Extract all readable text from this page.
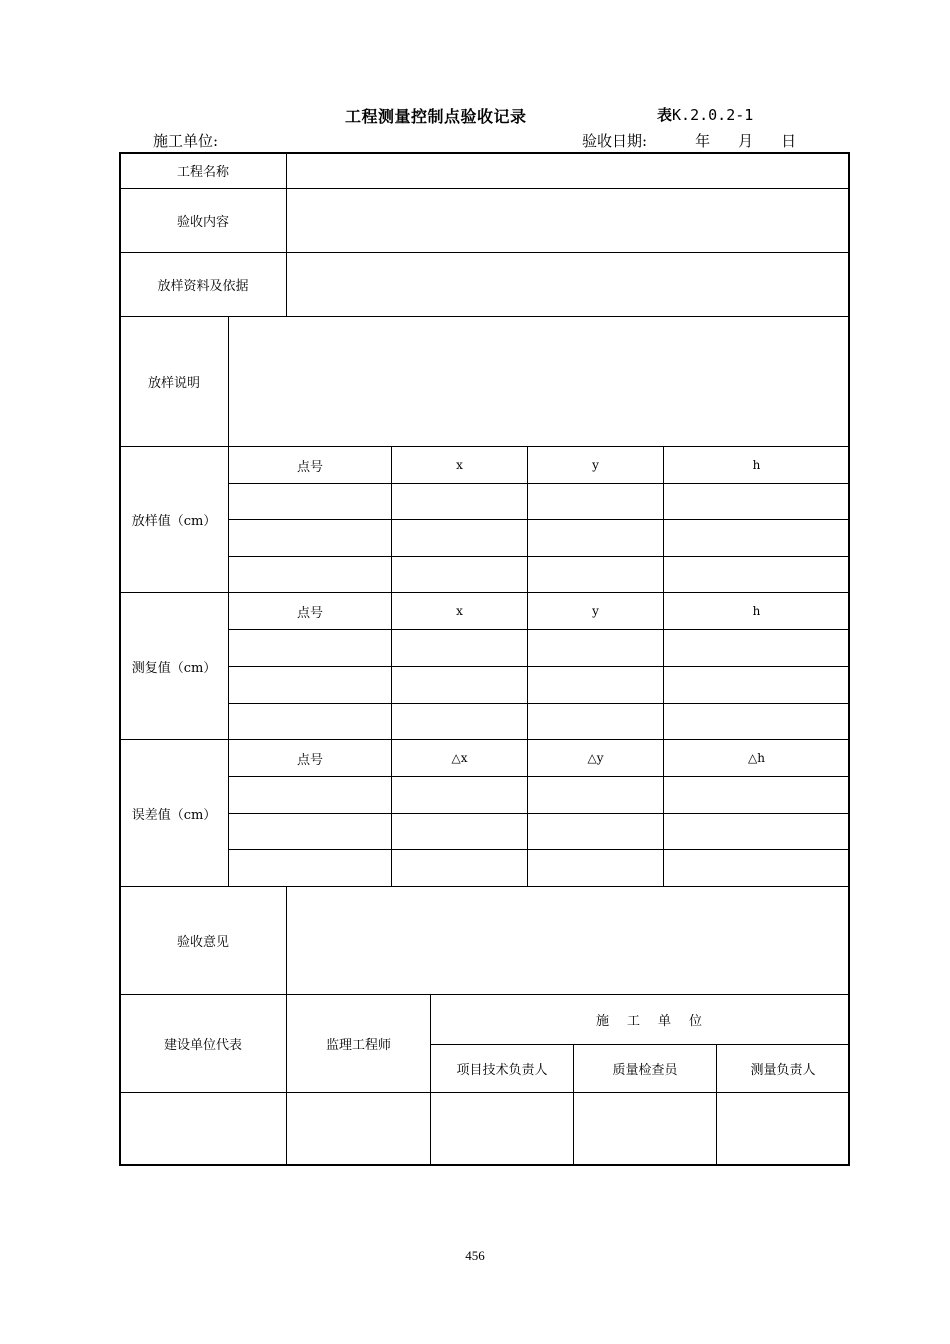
工程测量控制点验收记录	表K.2.0.2-1
施工单位:	验收日期:	年 月 日
工程名称
验收内容
放样资料及依据
放样说明
放样值（cm）
点号	x	y	h
测复值（cm）
点号	x	y	h
误差值（cm）
点号	△x	△y	△h
验收意见
建设单位代表	监理工程师
施工单位
项目技术负责人	质量检查员	测量负责人
456
